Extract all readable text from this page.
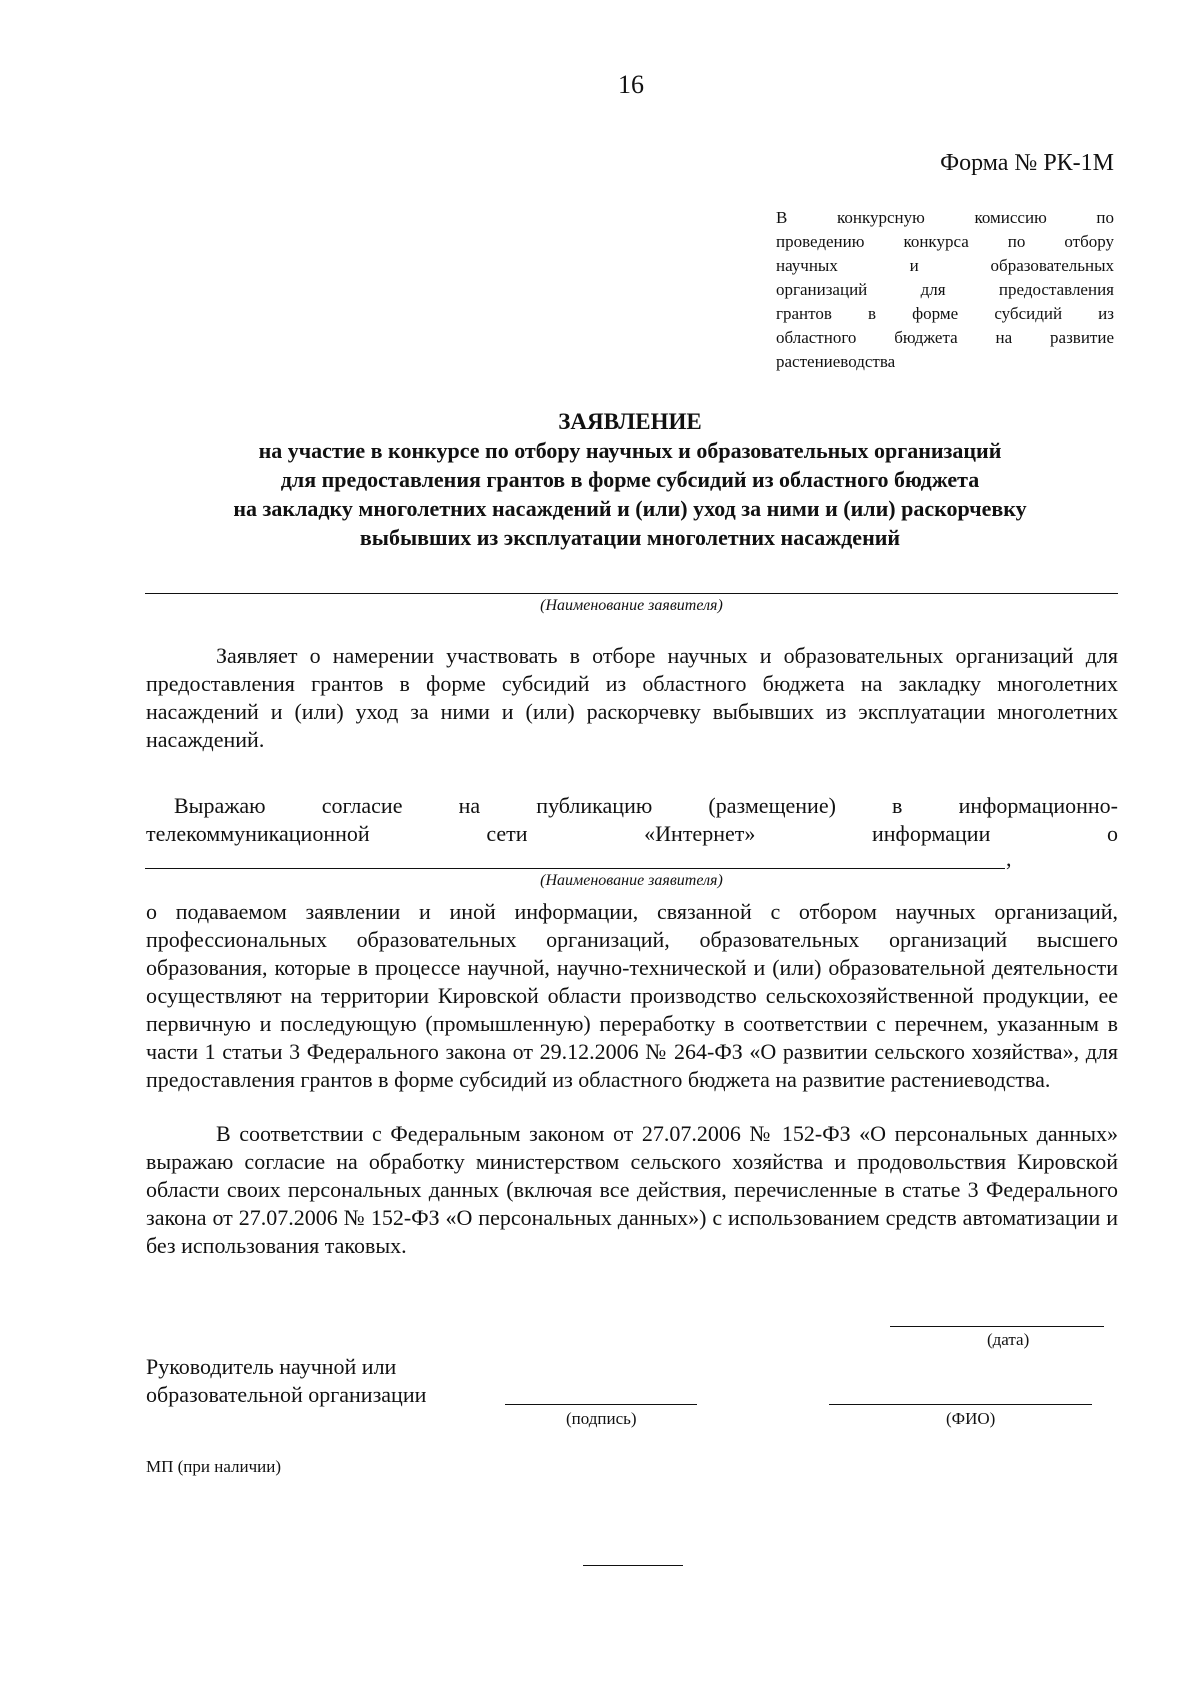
16
Форма № РК-1М
В конкурсную комиссию по
проведению конкурса по отбору
научных и образовательных
организаций для предоставления
грантов в форме субсидий из
областного бюджета на развитие
растениеводства
ЗАЯВЛЕНИЕ
на участие в конкурсе по отбору научных и образовательных организаций
для предоставления грантов в форме субсидий из областного бюджета
на закладку многолетних насаждений и (или) уход за ними и (или) раскорчевку
выбывших из эксплуатации многолетних насаждений
(Наименование заявителя)
Заявляет о намерении участвовать в отборе научных и образовательных организаций для предоставления грантов в форме субсидий из областного бюджета на закладку многолетних насаждений и (или) уход за ними и (или) раскорчевку выбывших из эксплуатации многолетних насаждений.
Выражаю согласие на публикацию (размещение) в информационно-
телекоммуникационной сети «Интернет» информации о
,
(Наименование заявителя)
о подаваемом заявлении и иной информации, связанной с отбором научных организаций, профессиональных образовательных организаций, образовательных организаций высшего образования, которые в процессе научной, научно-технической и (или) образовательной деятельности осуществляют на территории Кировской области производство сельскохозяйственной продукции, ее первичную и последующую (промышленную) переработку в соответствии с перечнем, указанным в части 1 статьи 3 Федерального закона от 29.12.2006 № 264-ФЗ «О развитии сельского хозяйства», для предоставления грантов в форме субсидий из областного бюджета на развитие растениеводства.
В соответствии с Федеральным законом от 27.07.2006 № 152-ФЗ «О персональных данных» выражаю согласие на обработку министерством сельского хозяйства и продовольствия Кировской области своих персональных данных (включая все действия, перечисленные в статье 3 Федерального закона от 27.07.2006 № 152-ФЗ «О персональных данных») с использованием средств автоматизации и без использования таковых.
(дата)
Руководитель научной или
образовательной организации
(подпись)	(ФИО)
МП (при наличии)
